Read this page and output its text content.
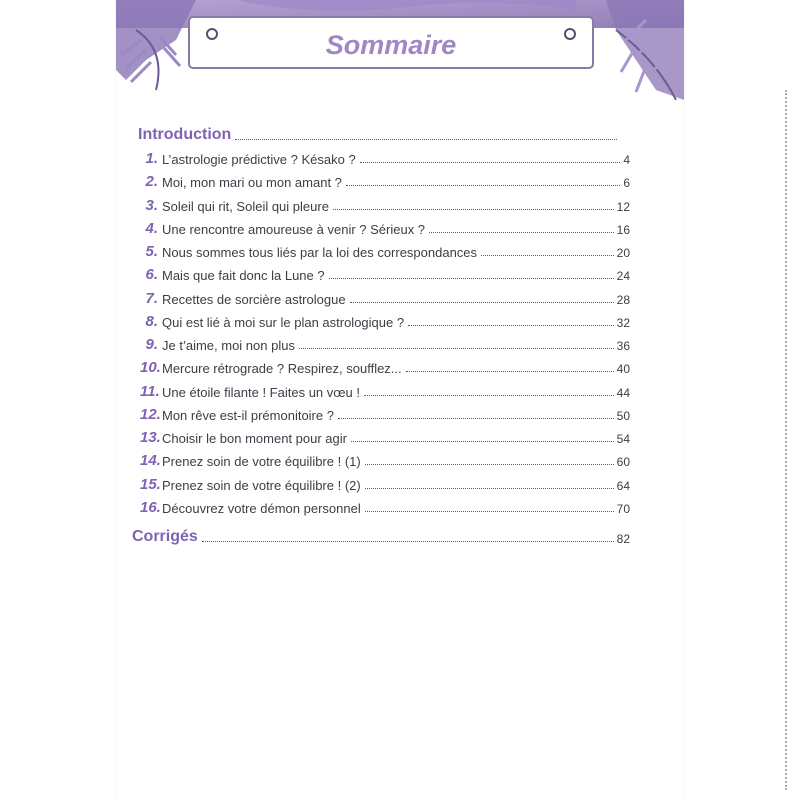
Sommaire
Introduction
1. L’astrologie prédictive ? Késako ?	4
2. Moi, mon mari ou mon amant ?	6
3. Soleil qui rit, Soleil qui pleure	12
4. Une rencontre amoureuse à venir ? Sérieux ?	16
5. Nous sommes tous liés par la loi des correspondances	20
6. Mais que fait donc la Lune ?	24
7. Recettes de sorcière astrologue	28
8. Qui est lié à moi sur le plan astrologique ?	32
9. Je t’aime, moi non plus	36
10. Mercure rétrograde ? Respirez, soufflez...	40
11. Une étoile filante ! Faites un vœu !	44
12. Mon rêve est-il prémonitoire ?	50
13. Choisir le bon moment pour agir	54
14. Prenez soin de votre équilibre ! (1)	60
15. Prenez soin de votre équilibre ! (2)	64
16. Découvrez votre démon personnel	70
Corrigés	82
